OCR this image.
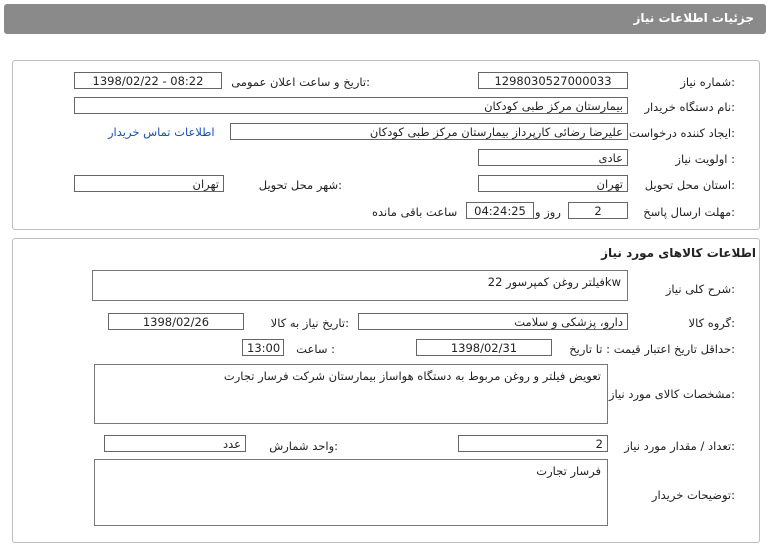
جزئیات اطلاعات نیاز
شماره نیاز:
1298030527000033
تاریخ و ساعت اعلان عمومی:
1398/02/22 - 08:22
نام دستگاه خریدار:
بیمارستان مرکز طبی کودکان
ایجاد کننده درخواست:
علیرضا رضائی کارپرداز بیمارستان مرکز طبی کودکان
اطلاعات تماس خریدار
اولویت نیاز :
عادی
استان محل تحویل:
تهران
شهر محل تحویل:
تهران
مهلت ارسال پاسخ:
2
روز و
04:24:25
ساعت باقی مانده
اطلاعات کالاهای مورد نیاز
شرح کلی نیاز:
فیلتر روغن کمپرسور 22kw
گروه کالا:
دارو، پزشکی و سلامت
تاریخ نیاز به کالا:
1398/02/26
حداقل تاریخ اعتبار قیمت:
تا تاریخ :
1398/02/31
ساعت :
13:00
مشخصات کالای مورد نیاز:
تعویض فیلتر و روغن مربوط به دستگاه هواساز بیمارستان شرکت فرسار تجارت
تعداد / مقدار مورد نیاز:
2
واحد شمارش:
عدد
توضیحات خریدار:
فرسار تجارت
